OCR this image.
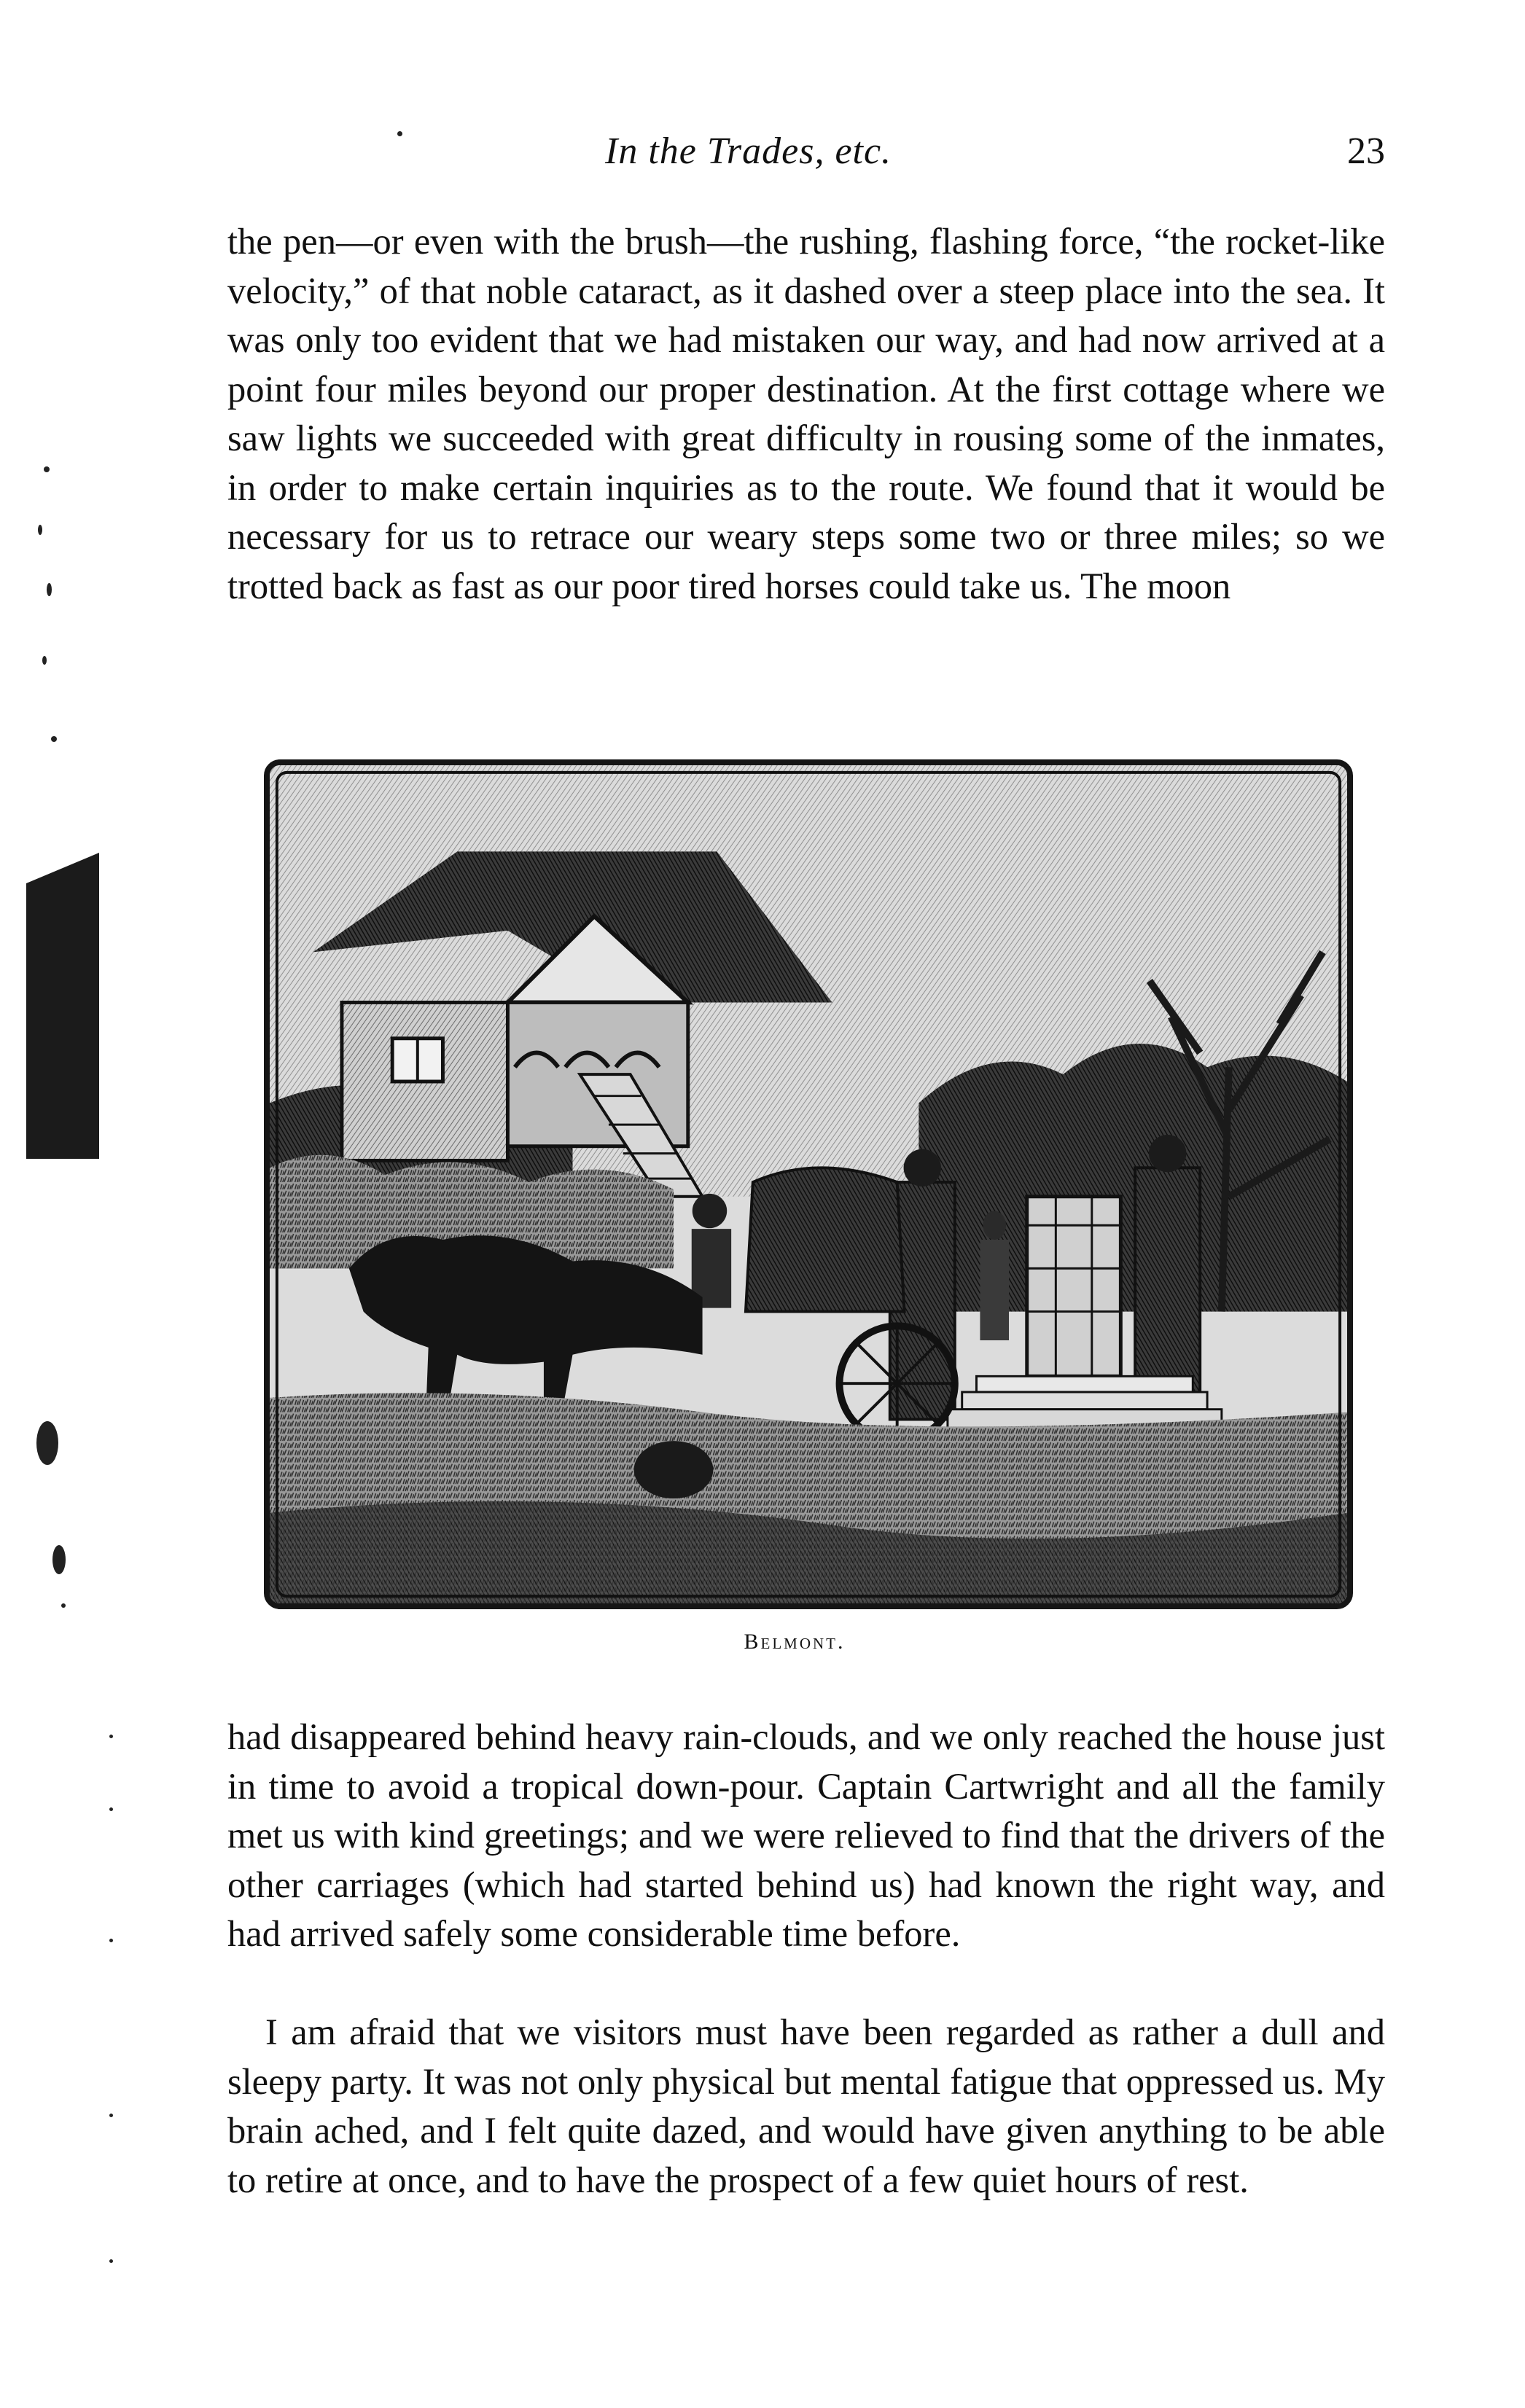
In the Trades, etc.	23

the pen—or even with the brush—the rushing, flashing force, “the rocket-like velocity,” of that noble cataract, as it dashed over a steep place into the sea. It was only too evident that we had mistaken our way, and had now arrived at a point four miles beyond our proper destination. At the first cottage where we saw lights we succeeded with great difficulty in rousing some of the inmates, in order to make certain inquiries as to the route. We found that it would be necessary for us to retrace our weary steps some two or three miles; so we trotted back as fast as our poor tired horses could take us. The moon

Belmont.

had disappeared behind heavy rain-clouds, and we only reached the house just in time to avoid a tropical down-pour. Captain Cartwright and all the family met us with kind greetings; and we were relieved to find that the drivers of the other carriages (which had started behind us) had known the right way, and had arrived safely some considerable time before.

I am afraid that we visitors must have been regarded as rather a dull and sleepy party. It was not only physical but mental fatigue that oppressed us. My brain ached, and I felt quite dazed, and would have given anything to be able to retire at once, and to have the prospect of a few quiet hours of rest.
